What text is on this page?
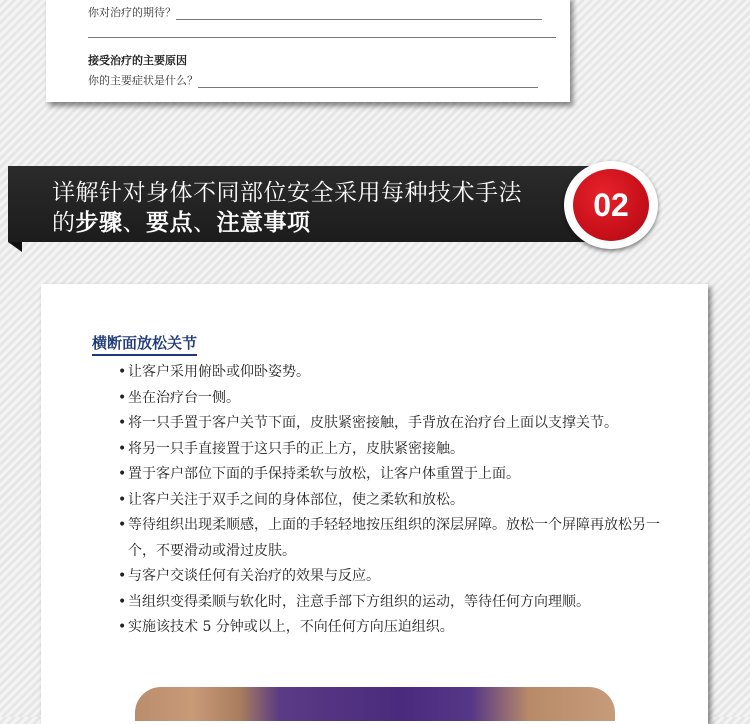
你对治疗的期待？
接受治疗的主要原因
你的主要症状是什么？
详解针对身体不同部位安全采用每种技术手法
的步骤、要点、注意事项
02
横断面放松关节
• 让客户采用俯卧或仰卧姿势。
• 坐在治疗台一侧。
• 将一只手置于客户关节下面，皮肤紧密接触，手背放在治疗台上面以支撑关节。
• 将另一只手直接置于这只手的正上方，皮肤紧密接触。
• 置于客户部位下面的手保持柔软与放松，让客户体重置于上面。
• 让客户关注于双手之间的身体部位，使之柔软和放松。
• 等待组织出现柔顺感，上面的手轻轻地按压组织的深层屏障。放松一个屏障再放松另一个，不要滑动或滑过皮肤。
• 与客户交谈任何有关治疗的效果与反应。
• 当组织变得柔顺与软化时，注意手部下方组织的运动，等待任何方向理顺。
• 实施该技术 5 分钟或以上，不向任何方向压迫组织。
